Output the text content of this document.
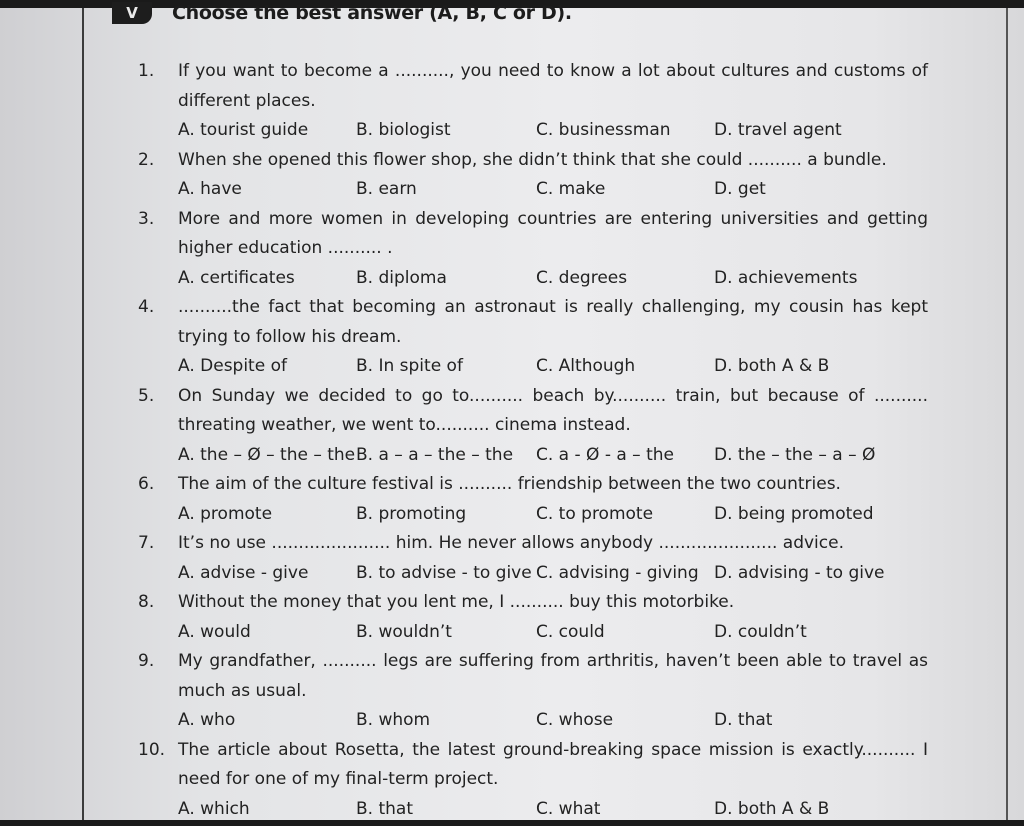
V	Choose the best answer (A, B, C or D).
1.	If you want to become a .........., you need to know a lot about cultures and customs of different places.
A. tourist guide	B. biologist	C. businessman	D. travel agent
2.	When she opened this flower shop, she didn’t think that she could .......... a bundle.
A. have	B. earn	C. make	D. get
3.	More and more women in developing countries are entering universities and getting higher education .......... .
A. certificates	B. diploma	C. degrees	D. achievements
4.	..........the fact that becoming an astronaut is really challenging, my cousin has kept trying to follow his dream.
A. Despite of	B. In spite of	C. Although	D. both A & B
5.	On Sunday we decided to go to.......... beach by.......... train, but because of .......... threating weather, we went to.......... cinema instead.
A. the – Ø – the – the B. a – a – the – the	C. a - Ø - a – the	D. the – the – a – Ø
6.	The aim of the culture festival is .......... friendship between the two countries.
A. promote	B. promoting	C. to promote	D. being promoted
7.	It’s no use ...................... him. He never allows anybody ...................... advice.
A. advise - give	B. to advise - to give C. advising - giving D. advising - to give
8.	Without the money that you lent me, I .......... buy this motorbike.
A. would	B. wouldn’t	C. could	D. couldn’t
9.	My grandfather, .......... legs are suffering from arthritis, haven’t been able to travel as much as usual.
A. who	B. whom	C. whose	D. that
10. The article about Rosetta, the latest ground-breaking space mission is exactly.......... I need for one of my final-term project.
A. which	B. that	C. what	D. both A & B
